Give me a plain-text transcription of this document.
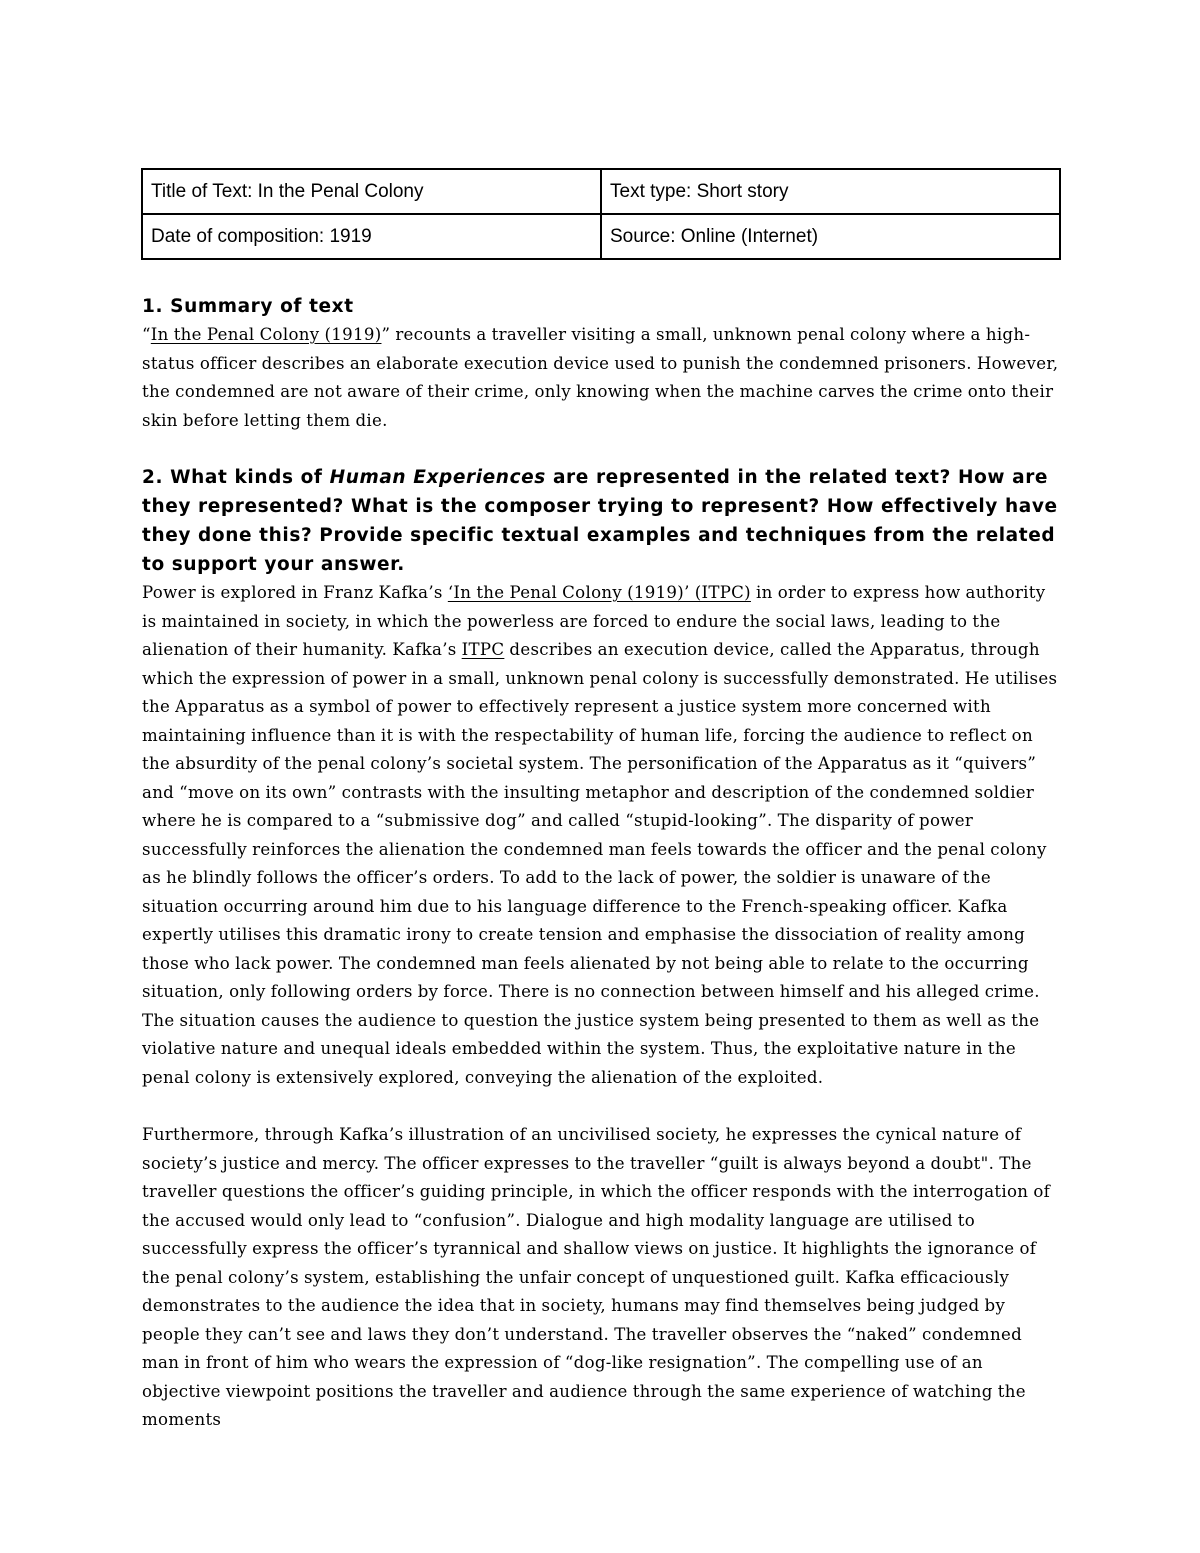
Title of Text: In the Penal Colony	Text type: Short story
Date of composition: 1919	Source: Online (Internet)
1. Summary of text
“In the Penal Colony (1919)” recounts a traveller visiting a small, unknown penal colony where a high-status officer describes an elaborate execution device used to punish the condemned prisoners. However, the condemned are not aware of their crime, only knowing when the machine carves the crime onto their skin before letting them die.
2. What kinds of Human Experiences are represented in the related text? How are they represented? What is the composer trying to represent? How effectively have they done this? Provide specific textual examples and techniques from the related to support your answer.
Power is explored in Franz Kafka’s ‘In the Penal Colony (1919)’ (ITPC) in order to express how authority is maintained in society, in which the powerless are forced to endure the social laws, leading to the alienation of their humanity. Kafka’s ITPC describes an execution device, called the Apparatus, through which the expression of power in a small, unknown penal colony is successfully demonstrated. He utilises the Apparatus as a symbol of power to effectively represent a justice system more concerned with maintaining influence than it is with the respectability of human life, forcing the audience to reflect on the absurdity of the penal colony’s societal system. The personification of the Apparatus as it “quivers” and “move on its own” contrasts with the insulting metaphor and description of the condemned soldier where he is compared to a “submissive dog” and called “stupid-looking”. The disparity of power successfully reinforces the alienation the condemned man feels towards the officer and the penal colony as he blindly follows the officer’s orders. To add to the lack of power, the soldier is unaware of the situation occurring around him due to his language difference to the French-speaking officer. Kafka expertly utilises this dramatic irony to create tension and emphasise the dissociation of reality among those who lack power. The condemned man feels alienated by not being able to relate to the occurring situation, only following orders by force. There is no connection between himself and his alleged crime. The situation causes the audience to question the justice system being presented to them as well as the violative nature and unequal ideals embedded within the system. Thus, the exploitative nature in the penal colony is extensively explored, conveying the alienation of the exploited.
Furthermore, through Kafka’s illustration of an uncivilised society, he expresses the cynical nature of society’s justice and mercy. The officer expresses to the traveller “guilt is always beyond a doubt". The traveller questions the officer’s guiding principle, in which the officer responds with the interrogation of the accused would only lead to “confusion”. Dialogue and high modality language are utilised to successfully express the officer’s tyrannical and shallow views on justice. It highlights the ignorance of the penal colony’s system, establishing the unfair concept of unquestioned guilt. Kafka efficaciously demonstrates to the audience the idea that in society, humans may find themselves being judged by people they can’t see and laws they don’t understand. The traveller observes the “naked” condemned man in front of him who wears the expression of “dog-like resignation”. The compelling use of an objective viewpoint positions the traveller and audience through the same experience of watching the moments
